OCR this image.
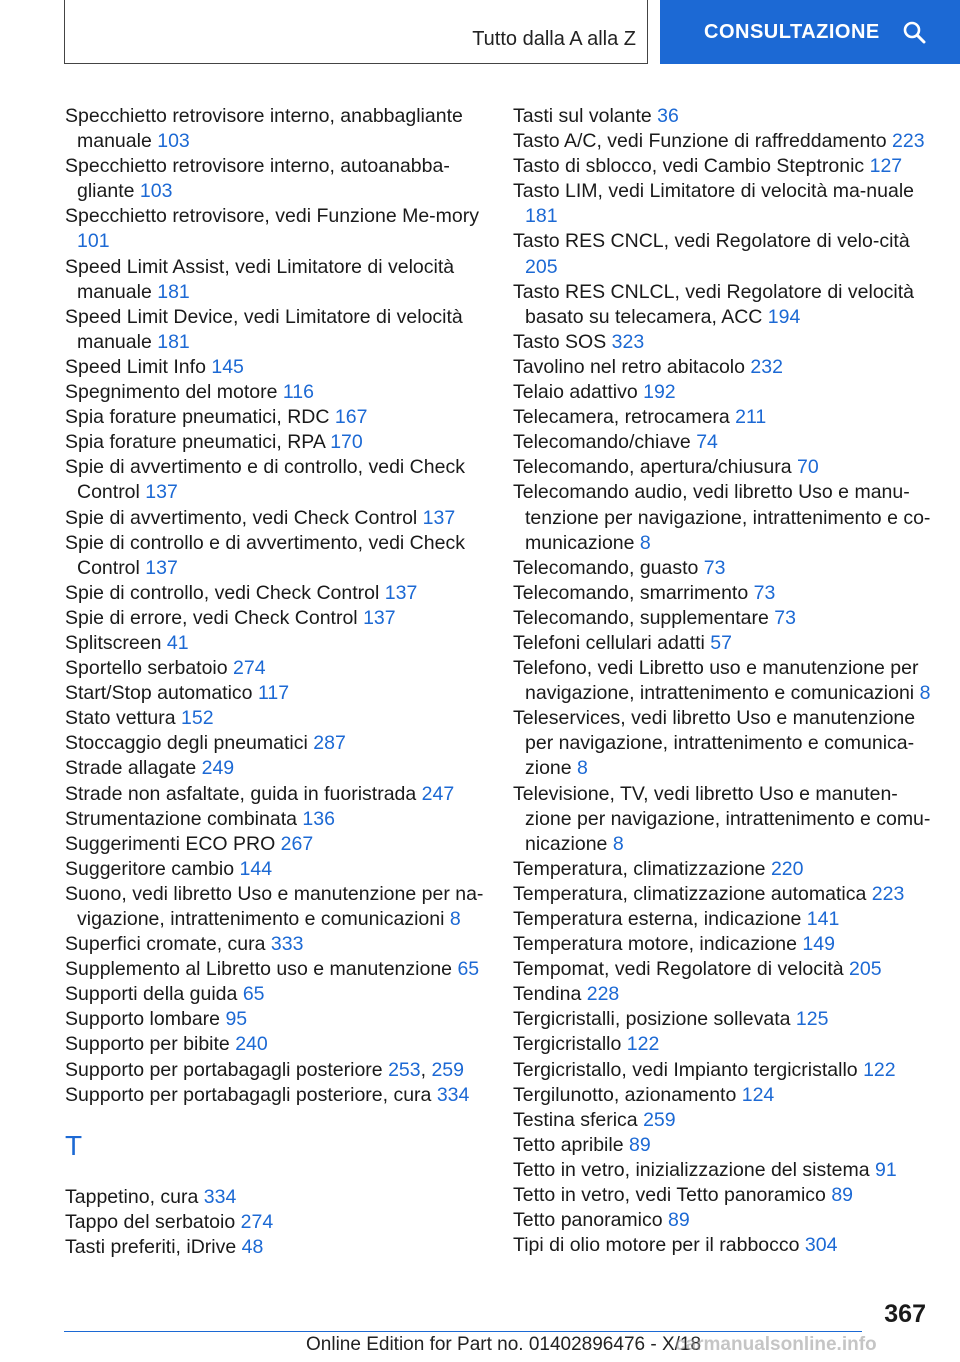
Tutto dalla A alla Z	CONSULTAZIONE
Specchietto retrovisore interno, anabbagliante manuale 103
Specchietto retrovisore interno, autoanabba-gliante 103
Specchietto retrovisore, vedi Funzione Me-mory 101
Speed Limit Assist, vedi Limitatore di velocità manuale 181
Speed Limit Device, vedi Limitatore di velocità manuale 181
Speed Limit Info 145
Spegnimento del motore 116
Spia forature pneumatici, RDC 167
Spia forature pneumatici, RPA 170
Spie di avvertimento e di controllo, vedi Check Control 137
Spie di avvertimento, vedi Check Control 137
Spie di controllo e di avvertimento, vedi Check Control 137
Spie di controllo, vedi Check Control 137
Spie di errore, vedi Check Control 137
Splitscreen 41
Sportello serbatoio 274
Start/Stop automatico 117
Stato vettura 152
Stoccaggio degli pneumatici 287
Strade allagate 249
Strade non asfaltate, guida in fuoristrada 247
Strumentazione combinata 136
Suggerimenti ECO PRO 267
Suggeritore cambio 144
Suono, vedi libretto Uso e manutenzione per na-vigazione, intrattenimento e comunicazioni 8
Superfici cromate, cura 333
Supplemento al Libretto uso e manutenzione 65
Supporti della guida 65
Supporto lombare 95
Supporto per bibite 240
Supporto per portabagagli posteriore 253, 259
Supporto per portabagagli posteriore, cura 334
T
Tappetino, cura 334
Tappo del serbatoio 274
Tasti preferiti, iDrive 48
Tasti sul volante 36
Tasto A/C, vedi Funzione di raffreddamento 223
Tasto di sblocco, vedi Cambio Steptronic 127
Tasto LIM, vedi Limitatore di velocità ma-nuale 181
Tasto RES CNCL, vedi Regolatore di velo-cità 205
Tasto RES CNLCL, vedi Regolatore di velocità basato su telecamera, ACC 194
Tasto SOS 323
Tavolino nel retro abitacolo 232
Telaio adattivo 192
Telecamera, retrocamera 211
Telecomando/chiave 74
Telecomando, apertura/chiusura 70
Telecomando audio, vedi libretto Uso e manu-tenzione per navigazione, intrattenimento e co-municazione 8
Telecomando, guasto 73
Telecomando, smarrimento 73
Telecomando, supplementare 73
Telefoni cellulari adatti 57
Telefono, vedi Libretto uso e manutenzione per navigazione, intrattenimento e comunicazioni 8
Teleservices, vedi libretto Uso e manutenzione per navigazione, intrattenimento e comunica-zione 8
Televisione, TV, vedi libretto Uso e manuten-zione per navigazione, intrattenimento e comu-nicazione 8
Temperatura, climatizzazione 220
Temperatura, climatizzazione automatica 223
Temperatura esterna, indicazione 141
Temperatura motore, indicazione 149
Tempomat, vedi Regolatore di velocità 205
Tendina 228
Tergicristalli, posizione sollevata 125
Tergicristallo 122
Tergicristallo, vedi Impianto tergicristallo 122
Tergilunotto, azionamento 124
Testina sferica 259
Tetto apribile 89
Tetto in vetro, inizializzazione del sistema 91
Tetto in vetro, vedi Tetto panoramico 89
Tetto panoramico 89
Tipi di olio motore per il rabbocco 304
367
Online Edition for Part no. 01402896476 - X/18
carmanualsonline.info
